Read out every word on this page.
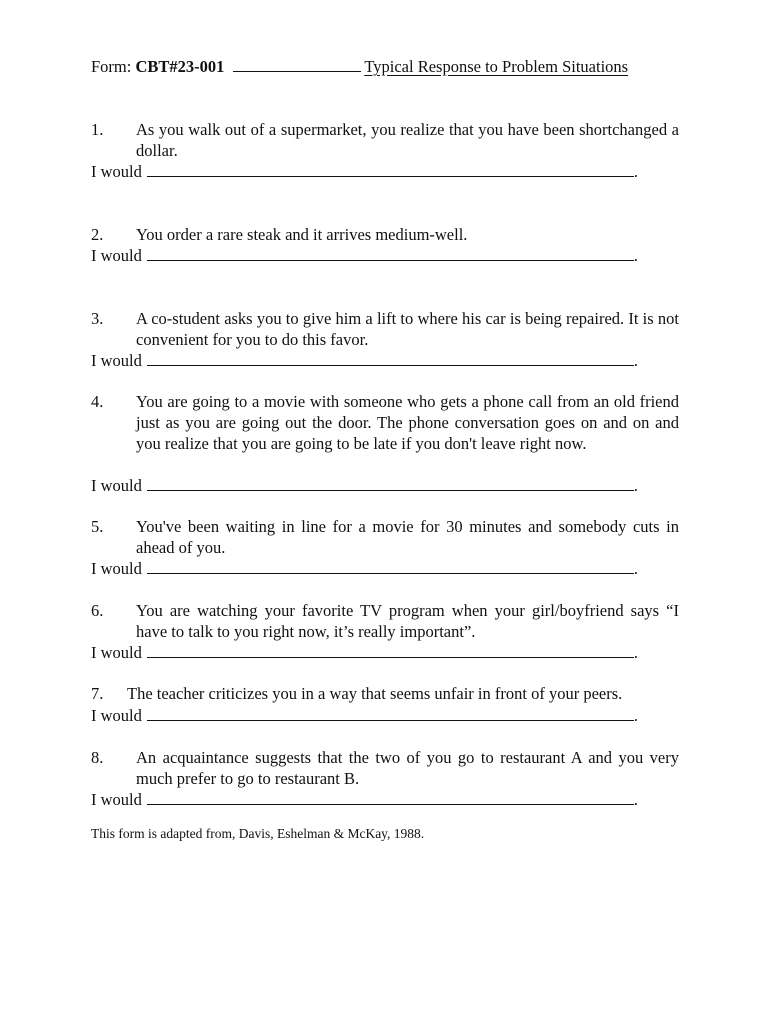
Form: CBT#23-001	Typical Response to Problem Situations
1.	As you walk out of a supermarket, you realize that you have been shortchanged a dollar.
I would	.
2.	You order a rare steak and it arrives medium-well.
I would	.
3.	A co-student asks you to give him a lift to where his car is being repaired. It is not convenient for you to do this favor.
I would	.
4.	You are going to a movie with someone who gets a phone call from an old friend just as you are going out the door. The phone conversation goes on and on and you realize that you are going to be late if you don't leave right now.
I would	.
5.	You've been waiting in line for a movie for 30 minutes and somebody cuts in ahead of you.
I would	.
6.	You are watching your favorite TV program when your girl/boyfriend says “I have to talk to you right now, it’s really important”.
I would	.
7.	The teacher criticizes you in a way that seems unfair in front of your peers.
I would	.
8.	An acquaintance suggests that the two of you go to restaurant A and you very much prefer to go to restaurant B.
I would	.
This form is adapted from, Davis, Eshelman & McKay, 1988.
